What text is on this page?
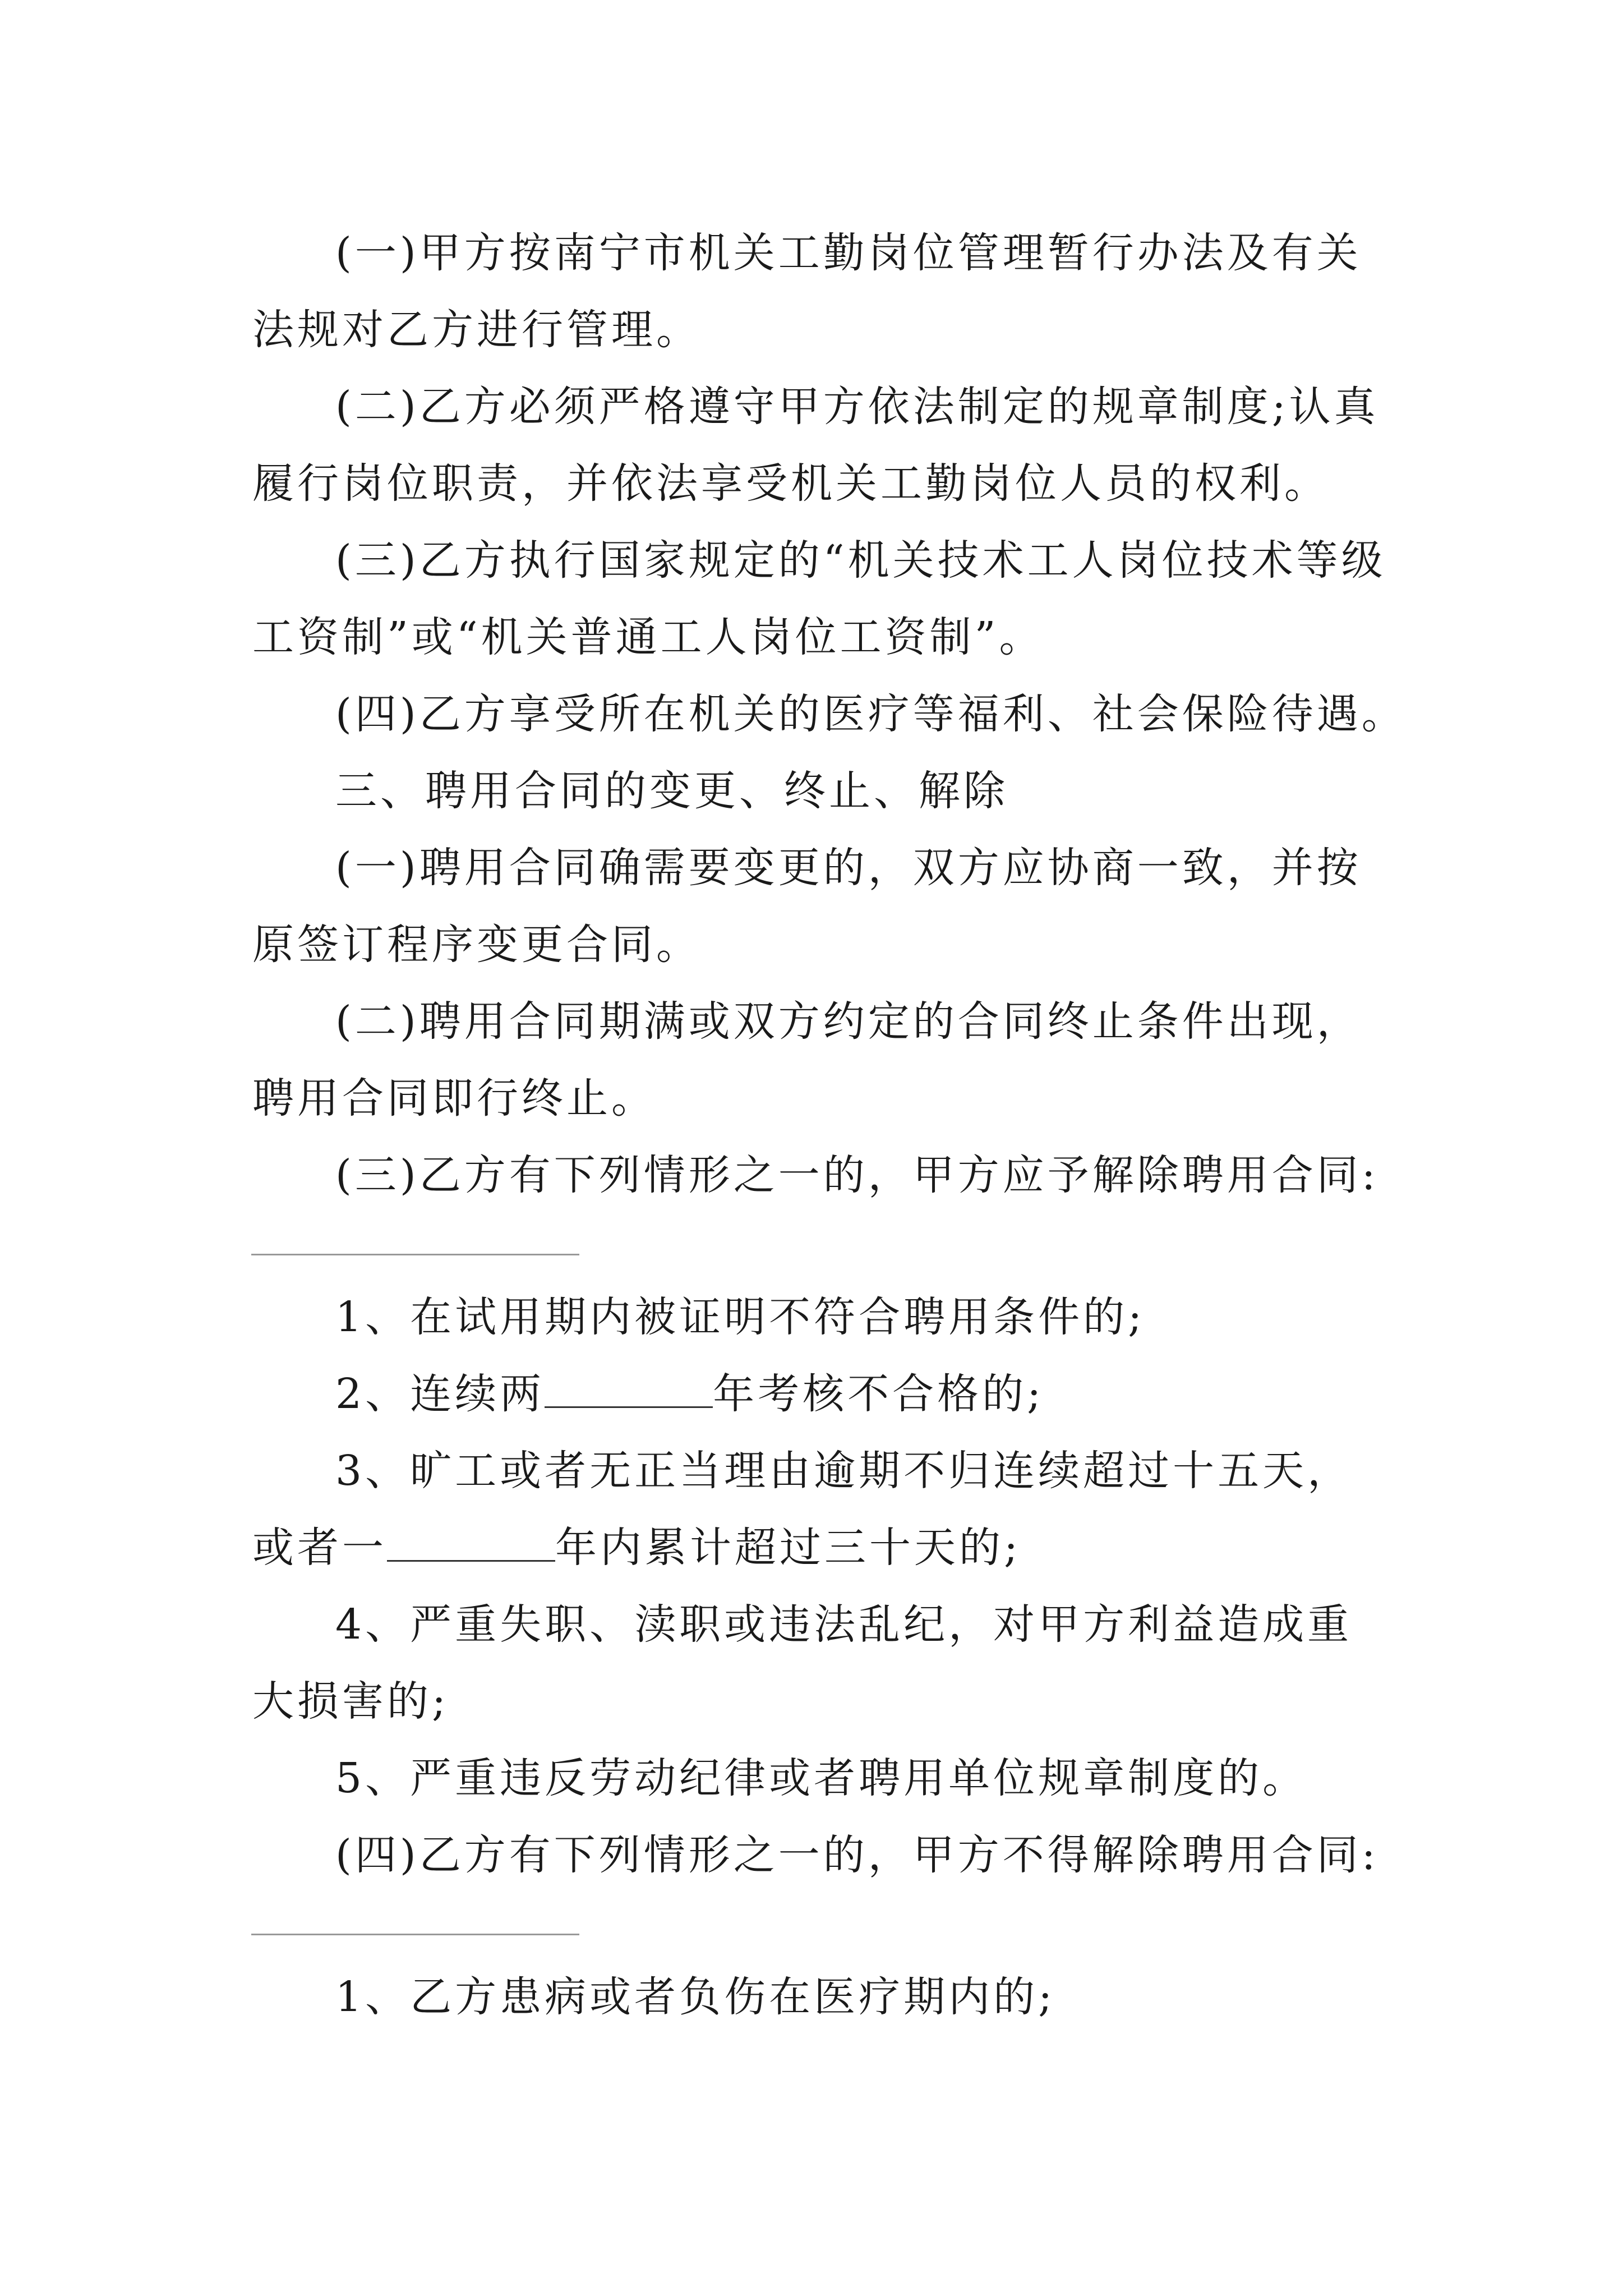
(一)甲方按南宁市机关工勤岗位管理暂行办法及有关法规对乙方进行管理。

(二)乙方必须严格遵守甲方依法制定的规章制度;认真履行岗位职责，并依法享受机关工勤岗位人员的权利。

(三)乙方执行国家规定的“机关技术工人岗位技术等级工资制”或“机关普通工人岗位工资制”。

(四)乙方享受所在机关的医疗等福利、社会保险待遇。

三、聘用合同的变更、终止、解除

(一)聘用合同确需要变更的，双方应协商一致，并按原签订程序变更合同。

(二)聘用合同期满或双方约定的合同终止条件出现，聘用合同即行终止。

(三)乙方有下列情形之一的，甲方应予解除聘用合同:

1、在试用期内被证明不符合聘用条件的;

2、连续两	年考核不合格的;

3、旷工或者无正当理由逾期不归连续超过十五天，或者一	年内累计超过三十天的;

4、严重失职、渎职或违法乱纪，对甲方利益造成重大损害的;

5、严重违反劳动纪律或者聘用单位规章制度的。

(四)乙方有下列情形之一的，甲方不得解除聘用合同:

1、乙方患病或者负伤在医疗期内的;
